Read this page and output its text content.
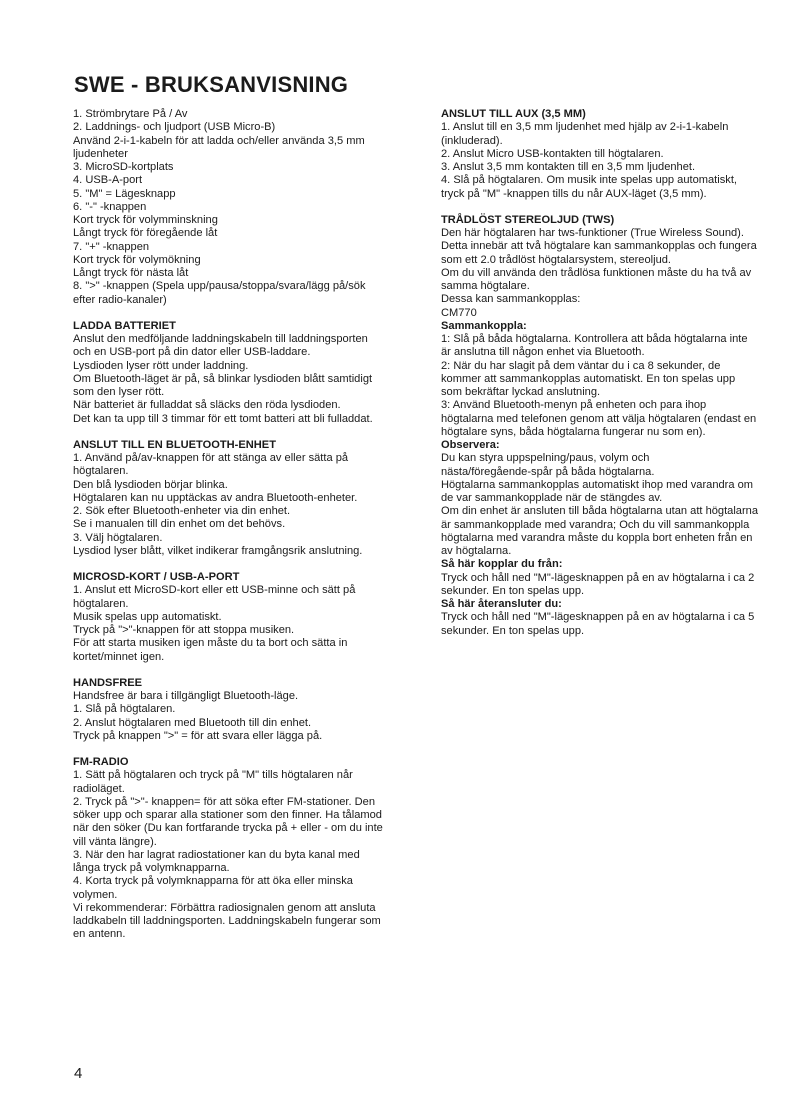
SWE - BRUKSANVISNING

1. Strömbrytare På / Av

2. Laddnings- och ljudport (USB Micro-B)

Använd 2-i-1-kabeln för att ladda och/eller använda 3,5 mm

ljudenheter

3. MicroSD-kortplats

4. USB-A-port

5. "M" = Lägesknapp

6. "-" -knappen

Kort tryck för volymminskning

Långt tryck för föregående låt

7. "+" -knappen

Kort tryck för volymökning

Långt tryck för nästa låt

8. ">" -knappen (Spela upp/pausa/stoppa/svara/lägg på/sök

efter radio-kanaler)

LADDA BATTERIET

Anslut den medföljande laddningskabeln till laddningsporten

och en USB-port på din dator eller USB-laddare.

Lysdioden lyser rött under laddning.

Om Bluetooth-läget är på, så blinkar lysdioden blått samtidigt

som den lyser rött.

När batteriet är fulladdat så släcks den röda lysdioden.

Det kan ta upp till 3 timmar för ett tomt batteri att bli fulladdat.

ANSLUT TILL EN BLUETOOTH-ENHET

1. Använd på/av-knappen för att stänga av eller sätta på

högtalaren.

Den blå lysdioden börjar blinka.

Högtalaren kan nu upptäckas av andra Bluetooth-enheter.

2. Sök efter Bluetooth-enheter via din enhet.

Se i manualen till din enhet om det behövs.

3. Välj högtalaren.

Lysdiod lyser blått, vilket indikerar framgångsrik anslutning.

MICROSD-KORT / USB-A-PORT

1. Anslut ett MicroSD-kort eller ett USB-minne och sätt på

högtalaren.

Musik spelas upp automatiskt.

Tryck på ">"-knappen för att stoppa musiken.

För att starta musiken igen måste du ta bort och sätta in

kortet/minnet igen.

HANDSFREE

Handsfree är bara i tillgängligt Bluetooth-läge.

1. Slå på högtalaren.

2. Anslut högtalaren med Bluetooth till din enhet.

Tryck på knappen ">" = för att svara eller lägga på.

FM-RADIO

1. Sätt på högtalaren och tryck på "M" tills högtalaren når

radioläget.

2. Tryck på ">"- knappen= för att söka efter FM-stationer. Den

söker upp och sparar alla stationer som den finner. Ha tålamod

när den söker (Du kan fortfarande trycka på + eller - om du inte

vill vänta längre).

3. När den har lagrat radiostationer kan du byta kanal med

långa tryck på volymknapparna.

4. Korta tryck på volymknapparna för att öka eller minska

volymen.

Vi rekommenderar: Förbättra radiosignalen genom att ansluta

laddkabeln till laddningsporten. Laddningskabeln fungerar som

en antenn.

ANSLUT TILL AUX (3,5 MM)

1. Anslut till en 3,5 mm ljudenhet med hjälp av 2-i-1-kabeln

(inkluderad).

2. Anslut Micro USB-kontakten till högtalaren.

3. Anslut 3,5 mm kontakten till en 3,5 mm ljudenhet.

4. Slå på högtalaren. Om musik inte spelas upp automatiskt,

tryck på "M" -knappen tills du når AUX-läget (3,5 mm).

TRÅDLÖST STEREOLJUD (TWS)

Den här högtalaren har tws-funktioner (True Wireless Sound).

Detta innebär att två högtalare kan sammankopplas och fungera

som ett 2.0 trådlöst högtalarsystem, stereoljud.

Om du vill använda den trådlösa funktionen måste du ha två av

samma högtalare.

Dessa kan sammankopplas:

CM770

Sammankoppla:

1: Slå på båda högtalarna. Kontrollera att båda högtalarna inte

är anslutna till någon enhet via Bluetooth.

2: När du har slagit på dem väntar du i ca 8 sekunder, de

kommer att sammankopplas automatiskt. En ton spelas upp

som bekräftar lyckad anslutning.

3: Använd Bluetooth-menyn på enheten och para ihop

högtalarna med telefonen genom att välja högtalaren (endast en

högtalare syns, båda högtalarna fungerar nu som en).

Observera:

Du kan styra uppspelning/paus, volym och

nästa/föregående-spår på båda högtalarna.

Högtalarna sammankopplas automatiskt ihop med varandra om

de var sammankopplade när de stängdes av.

Om din enhet är ansluten till båda högtalarna utan att högtalarna

är sammankopplade med varandra; Och du vill sammankoppla

högtalarna med varandra måste du koppla bort enheten från en

av högtalarna.

Så här kopplar du från:

Tryck och håll ned "M"-lägesknappen på en av högtalarna i ca 2

sekunder. En ton spelas upp.

Så här återansluter du:

Tryck och håll ned "M"-lägesknappen på en av högtalarna i ca 5

sekunder. En ton spelas upp.

4
